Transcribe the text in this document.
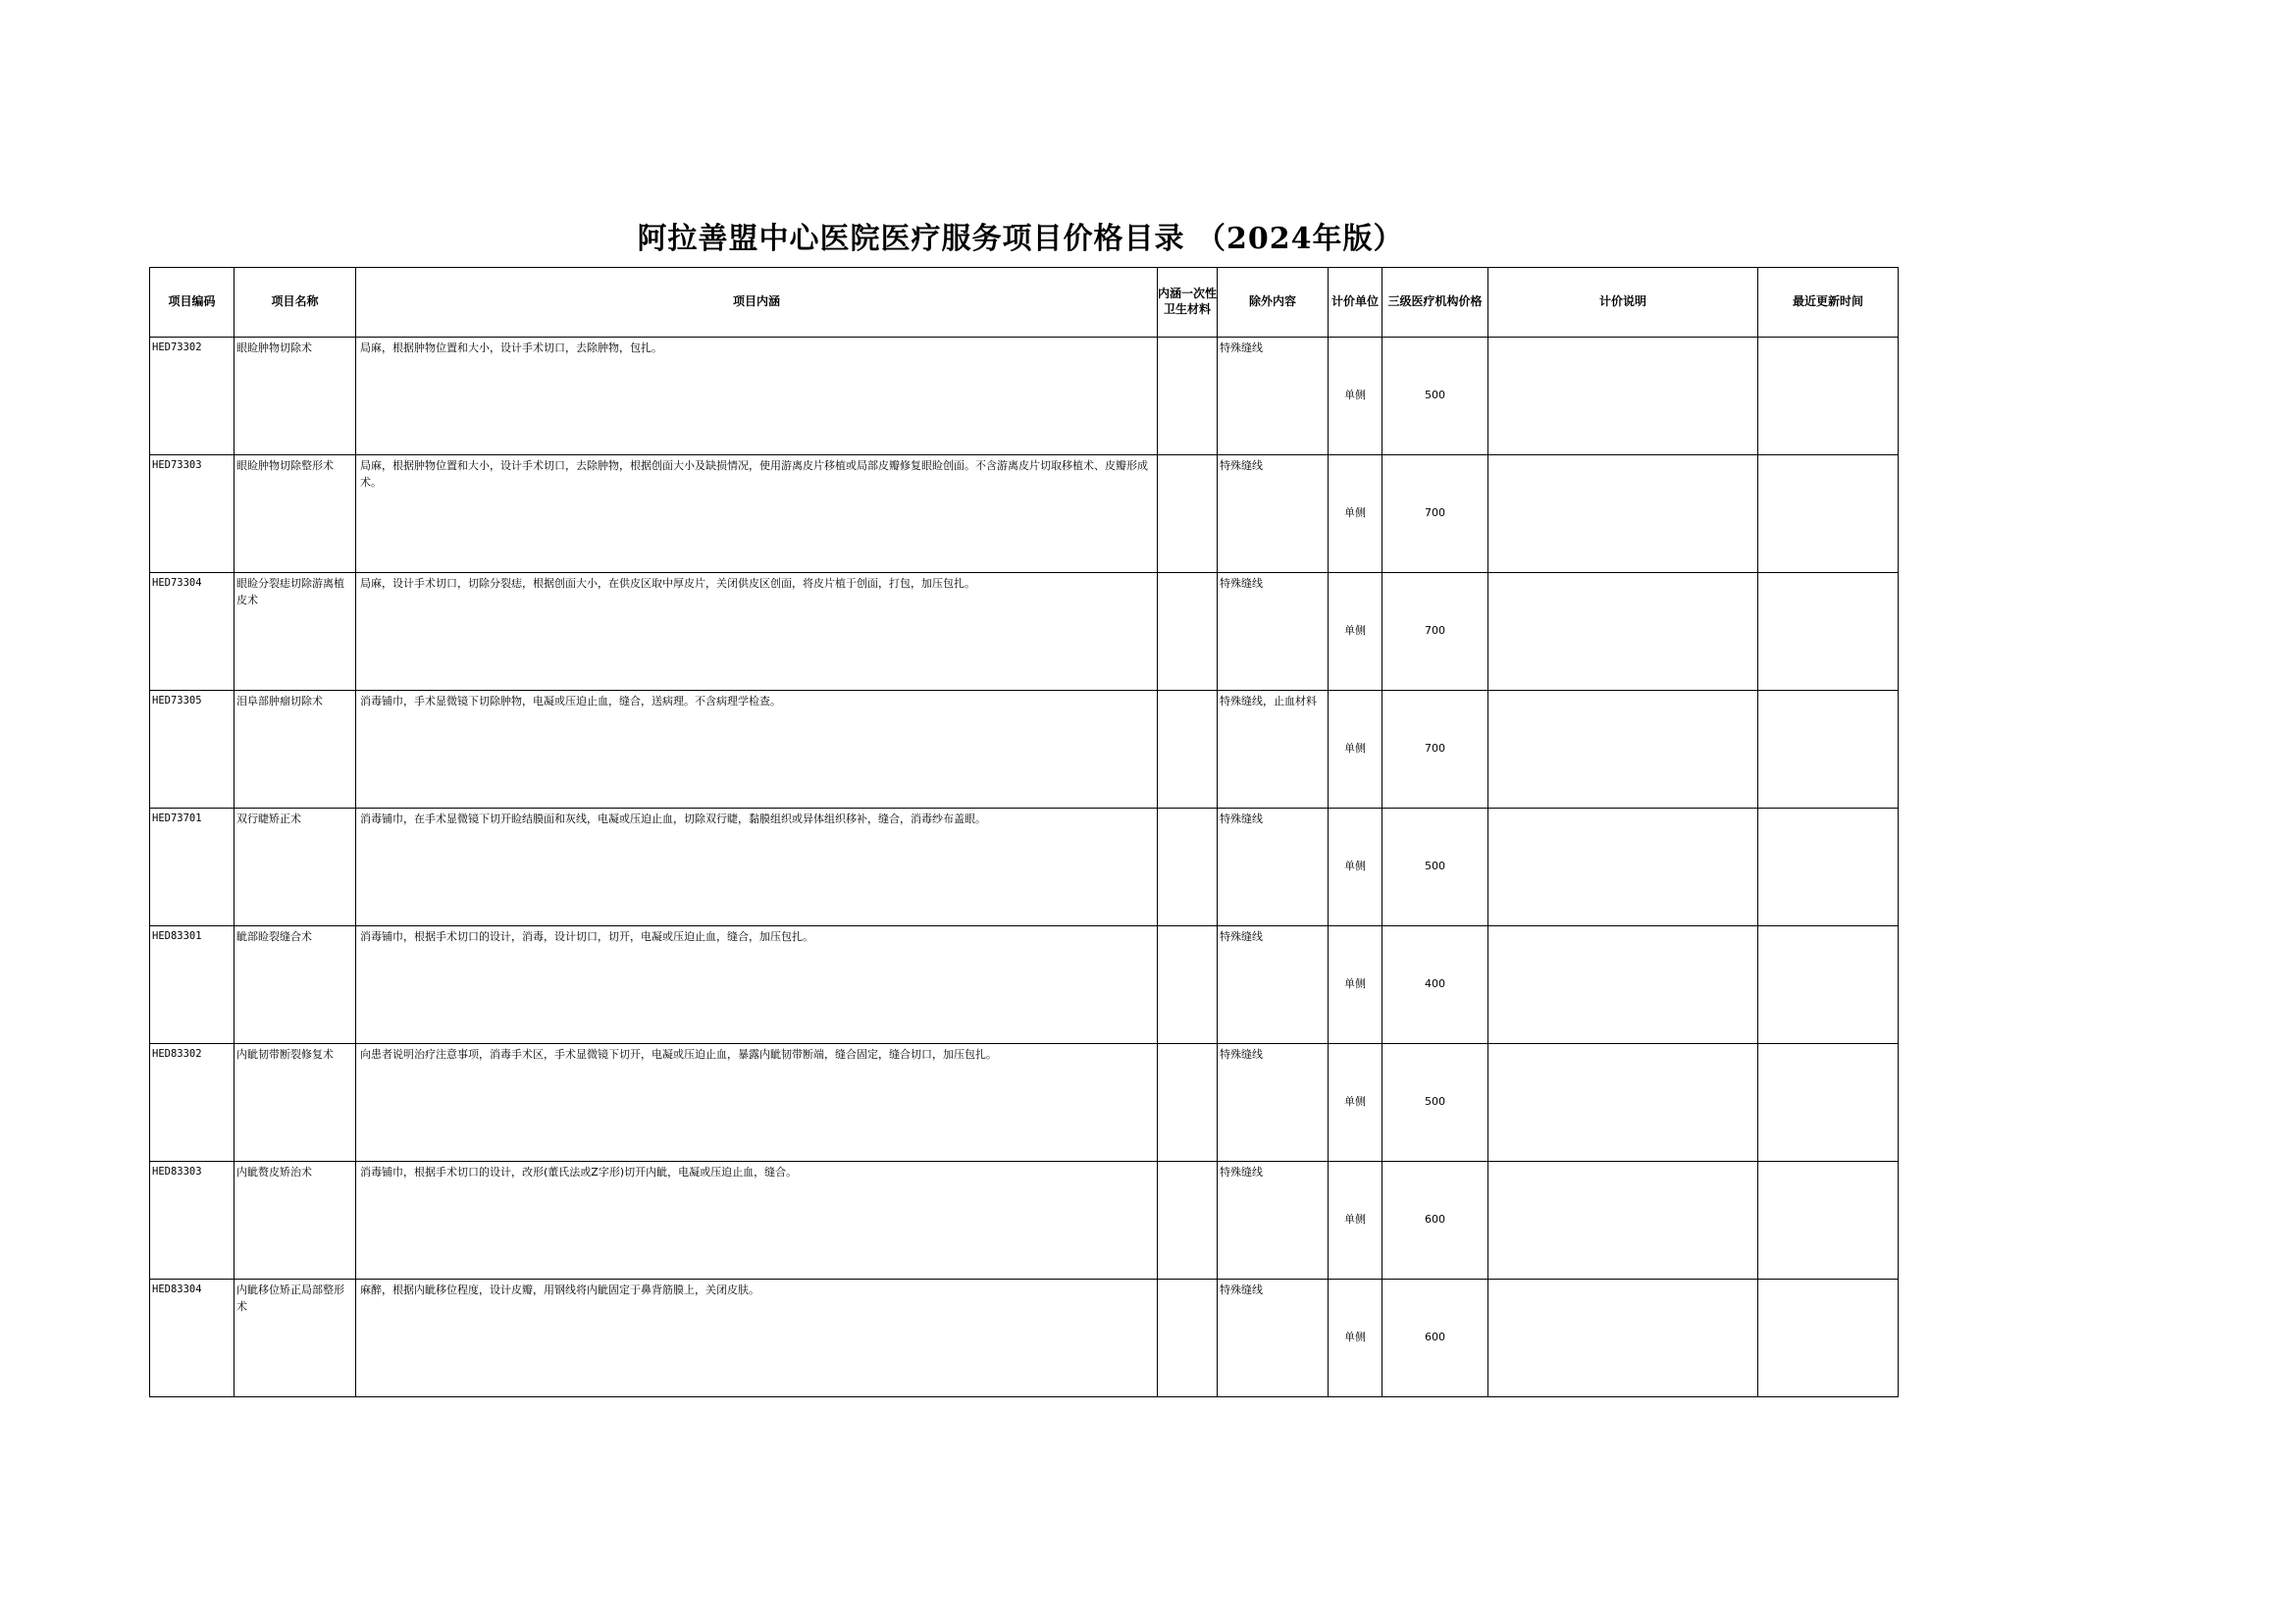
阿拉善盟中心医院医疗服务项目价格目录 （2024年版）
项目编码	项目名称	项目内涵	内涵一次性卫生材料	除外内容	计价单位	三级医疗机构价格	计价说明	最近更新时间
HED73302	眼睑肿物切除术	局麻，根据肿物位置和大小，设计手术切口，去除肿物，包扎。		特殊缝线	单侧	500		
HED73303	眼睑肿物切除整形术	局麻，根据肿物位置和大小，设计手术切口，去除肿物，根据创面大小及缺损情况，使用游离皮片移植或局部皮瓣修复眼睑创面。不含游离皮片切取移植术、皮瓣形成术。		特殊缝线	单侧	700		
HED73304	眼睑分裂痣切除游离植皮术	局麻，设计手术切口，切除分裂痣，根据创面大小，在供皮区取中厚皮片，关闭供皮区创面，将皮片植于创面，打包，加压包扎。		特殊缝线	单侧	700		
HED73305	泪阜部肿瘤切除术	消毒铺巾，手术显微镜下切除肿物，电凝或压迫止血，缝合，送病理。不含病理学检查。		特殊缝线，止血材料	单侧	700		
HED73701	双行睫矫正术	消毒铺巾，在手术显微镜下切开睑结膜面和灰线，电凝或压迫止血，切除双行睫，黏膜组织或异体组织移补，缝合，消毒纱布盖眼。		特殊缝线	单侧	500		
HED83301	眦部睑裂缝合术	消毒铺巾，根据手术切口的设计，消毒，设计切口，切开，电凝或压迫止血，缝合，加压包扎。		特殊缝线	单侧	400		
HED83302	内眦韧带断裂修复术	向患者说明治疗注意事项，消毒手术区，手术显微镜下切开，电凝或压迫止血，暴露内眦韧带断端，缝合固定，缝合切口，加压包扎。		特殊缝线	单侧	500		
HED83303	内眦赘皮矫治术	消毒铺巾，根据手术切口的设计，改形(董氏法或Z字形)切开内眦，电凝或压迫止血，缝合。		特殊缝线	单侧	600		
HED83304	内眦移位矫正局部整形术	麻醉，根据内眦移位程度，设计皮瓣，用钢线将内眦固定于鼻背筋膜上，关闭皮肤。		特殊缝线	单侧	600		
